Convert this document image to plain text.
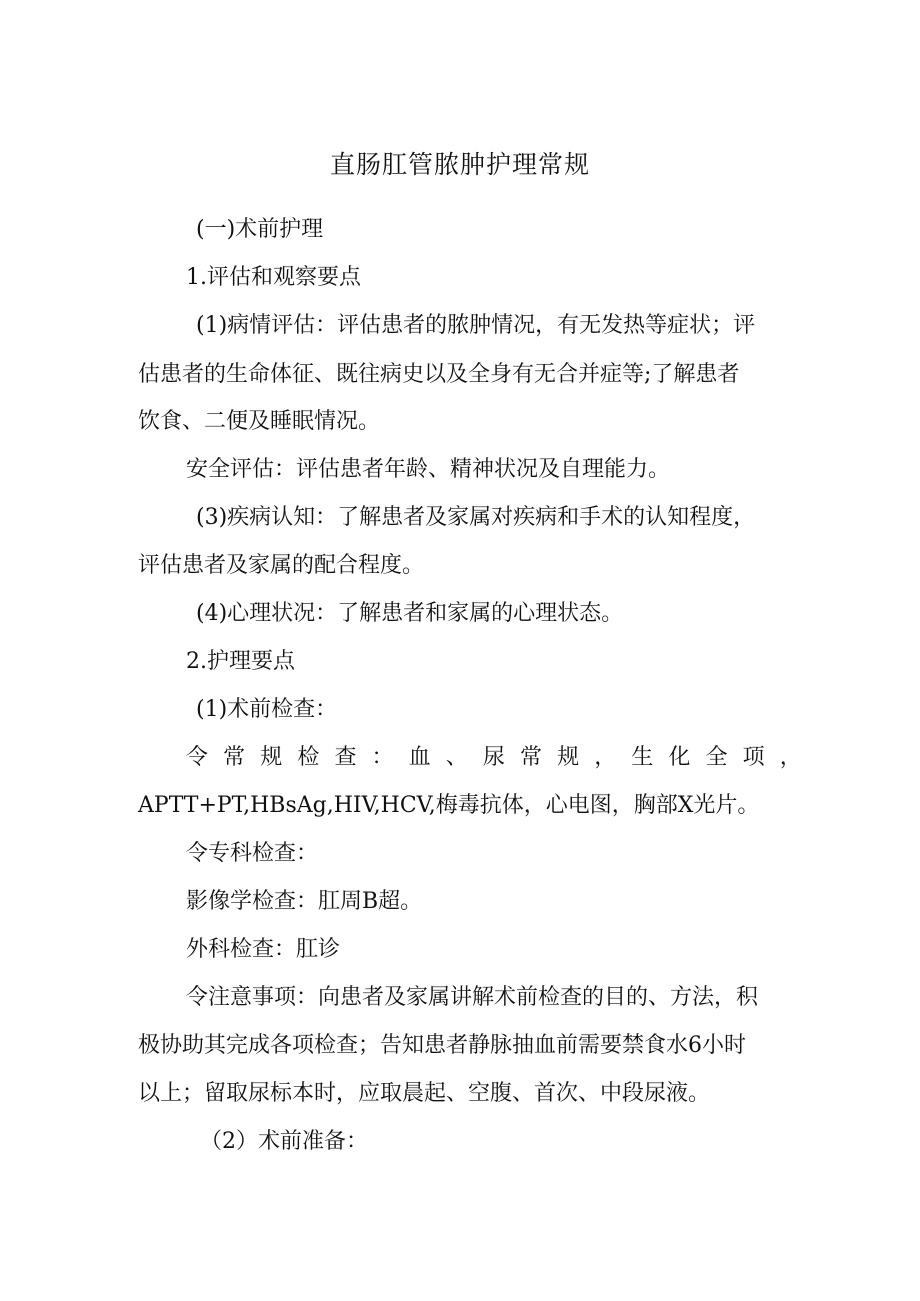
直肠肛管脓肿护理常规
(一)术前护理
1.评估和观察要点
(1)病情评估：评估患者的脓肿情况，有无发热等症状；评
估患者的生命体征、既往病史以及全身有无合并症等;了解患者
饮食、二便及睡眠情况。
安全评估：评估患者年龄、精神状况及自理能力。
(3)疾病认知：了解患者及家属对疾病和手术的认知程度，
评估患者及家属的配合程度。
(4)心理状况：了解患者和家属的心理状态。
2.护理要点
(1)术前检查：
令 常 规 检 查 ： 血 、 尿 常 规 ， 生 化 全 项 ，
APTT+PT,HBsAg,HIV,HCV,梅毒抗体，心电图，胸部X光片。
令专科检查：
影像学检查：肛周B超。
外科检查：肛诊
令注意事项：向患者及家属讲解术前检查的目的、方法，积
极协助其完成各项检查；告知患者静脉抽血前需要禁食水6小时
以上；留取尿标本时，应取晨起、空腹、首次、中段尿液。
（2）术前准备：
